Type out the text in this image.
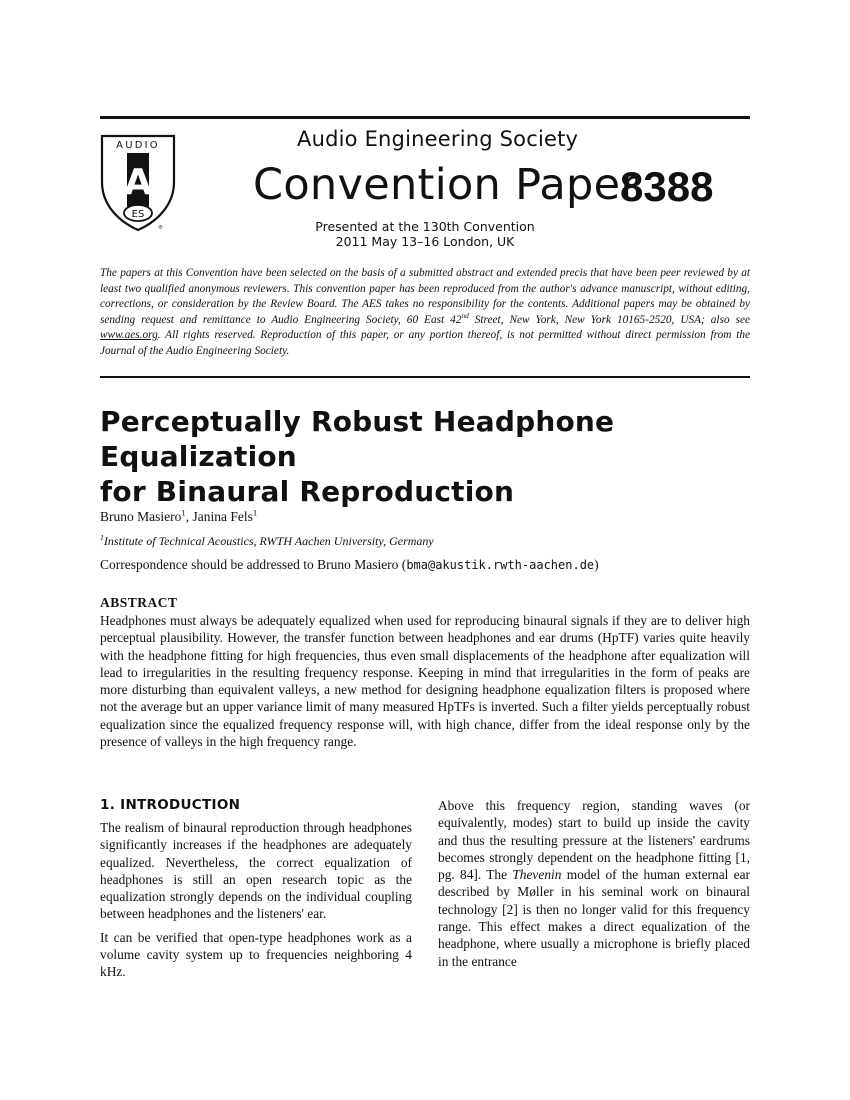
AUDIO
A
ES
®
Audio Engineering Society
Convention Paper
8388
Presented at the 130th Convention
2011 May 13–16 London, UK
The papers at this Convention have been selected on the basis of a submitted abstract and extended precis that have been peer reviewed by at least two qualified anonymous reviewers. This convention paper has been reproduced from the author's advance manuscript, without editing, corrections, or consideration by the Review Board. The AES takes no responsibility for the contents. Additional papers may be obtained by sending request and remittance to Audio Engineering Society, 60 East 42nd Street, New York, New York 10165-2520, USA; also see www.aes.org. All rights reserved. Reproduction of this paper, or any portion thereof, is not permitted without direct permission from the Journal of the Audio Engineering Society.
Perceptually Robust Headphone Equalization
for Binaural Reproduction
Bruno Masiero$^1$, Janina Fels$^1$
$^1$Institute of Technical Acoustics, RWTH Aachen University, Germany
Correspondence should be addressed to Bruno Masiero (bma@akustik.rwth-aachen.de)
ABSTRACT
Headphones must always be adequately equalized when used for reproducing binaural signals if they are to deliver high perceptual plausibility. However, the transfer function between headphones and ear drums (HpTF) varies quite heavily with the headphone fitting for high frequencies, thus even small displacements of the headphone after equalization will lead to irregularities in the resulting frequency response. Keeping in mind that irregularities in the form of peaks are more disturbing than equivalent valleys, a new method for designing headphone equalization filters is proposed where not the average but an upper variance limit of many measured HpTFs is inverted. Such a filter yields perceptually robust equalization since the equalized frequency response will, with high chance, differ from the ideal response only by the presence of valleys in the high frequency range.
1. INTRODUCTION

The realism of binaural reproduction through headphones significantly increases if the headphones are adequately equalized. Nevertheless, the correct equalization of headphones is still an open research topic as the equalization strongly depends on the individual coupling between headphones and the listeners' ear.

It can be verified that open-type headphones work as a volume cavity system up to frequencies neighboring 4 kHz.

Above this frequency region, standing waves (or equivalently, modes) start to build up inside the cavity and thus the resulting pressure at the listeners' eardrums becomes strongly dependent on the headphone fitting [1, pg. 84]. The Thevenin model of the human external ear described by Møller in his seminal work on binaural technology [2] is then no longer valid for this frequency range. This effect makes a direct equalization of the headphone, where usually a microphone is briefly placed in the entrance
